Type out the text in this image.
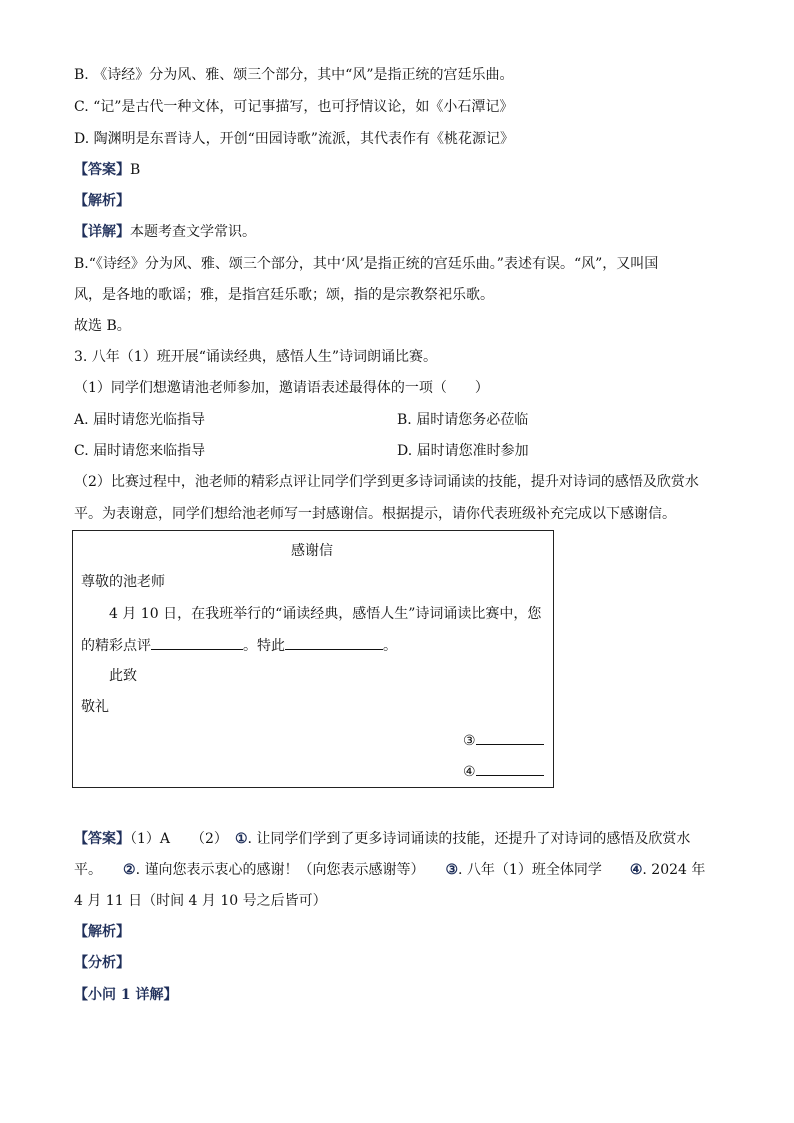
B. 《诗经》分为风、雅、颂三个部分，其中“风”是指正统的宫廷乐曲。
C. “记”是古代一种文体，可记事描写，也可抒情议论，如《小石潭记》
D. 陶渊明是东晋诗人，开创“田园诗歌”流派，其代表作有《桃花源记》
【答案】B
【解析】
【详解】本题考查文学常识。
B.“《诗经》分为风、雅、颂三个部分，其中‘风’是指正统的宫廷乐曲。”表述有误。“风”，又叫国
风，是各地的歌谣；雅，是指宫廷乐歌；颂，指的是宗教祭祀乐歌。
故选 B。
3. 八年（1）班开展“诵读经典，感悟人生”诗词朗诵比赛。
（1）同学们想邀请池老师参加，邀请语表述最得体的一项（　　）
A. 届时请您光临指导	B. 届时请您务必莅临
C. 届时请您来临指导	D. 届时请您准时参加
（2）比赛过程中，池老师的精彩点评让同学们学到更多诗词诵读的技能，提升对诗词的感悟及欣赏水
平。为表谢意，同学们想给池老师写一封感谢信。根据提示，请你代表班级补充完成以下感谢信。
感谢信
尊敬的池老师
4 月 10 日，在我班举行的“诵读经典，感悟人生”诗词诵读比赛中，您
的精彩点评	。特此	。
此致
敬礼
③
④
【答案】（1）A　　（2）　 ①. 让同学们学到了更多诗词诵读的技能，还提升了对诗词的感悟及欣赏水
平。　　 ②. 谨向您表示衷心的感谢！（向您表示感谢等）　　 ③. 八年（1）班全体同学　　 ④. 2024 年
4 月 11 日（时间 4 月 10 号之后皆可）
【解析】
【分析】
【小问 1 详解】
